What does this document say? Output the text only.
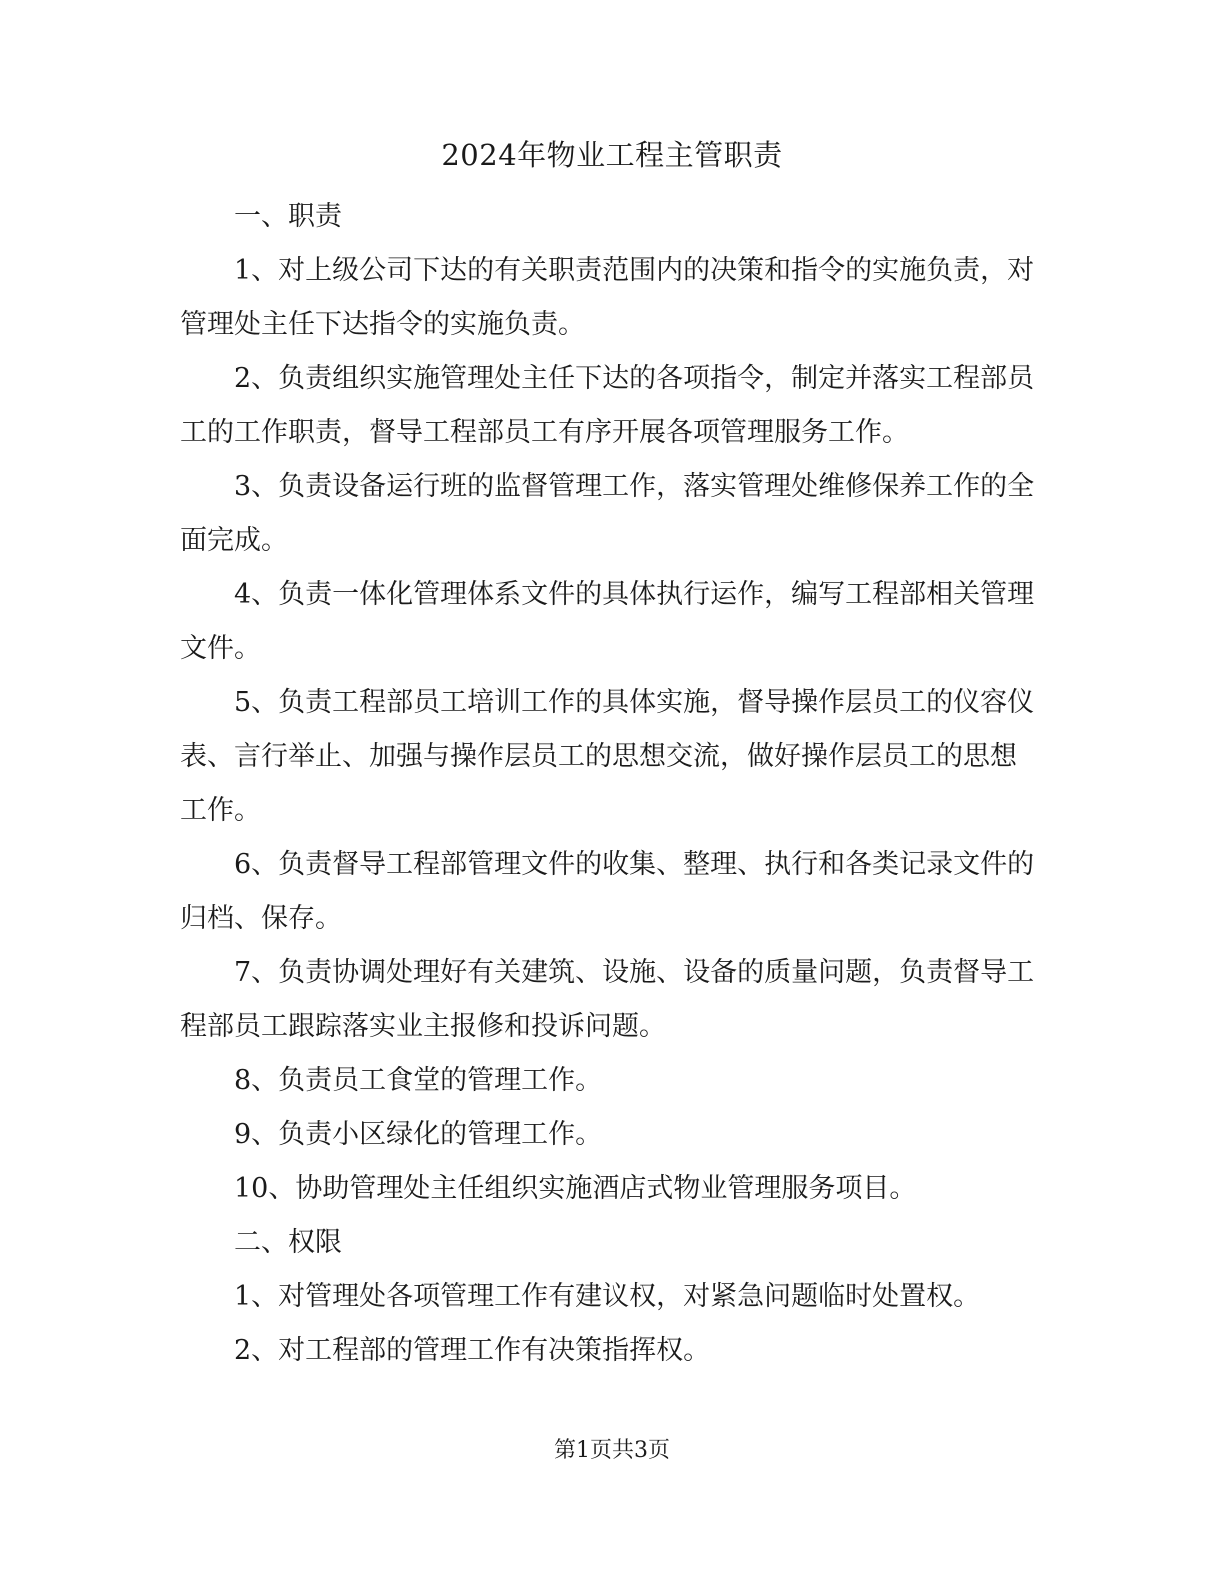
2024年物业工程主管职责

一、职责

1、对上级公司下达的有关职责范围内的决策和指令的实施负责，对管理处主任下达指令的实施负责。

2、负责组织实施管理处主任下达的各项指令，制定并落实工程部员工的工作职责，督导工程部员工有序开展各项管理服务工作。

3、负责设备运行班的监督管理工作，落实管理处维修保养工作的全面完成。

4、负责一体化管理体系文件的具体执行运作，编写工程部相关管理文件。

5、负责工程部员工培训工作的具体实施，督导操作层员工的仪容仪表、言行举止、加强与操作层员工的思想交流，做好操作层员工的思想工作。

6、负责督导工程部管理文件的收集、整理、执行和各类记录文件的归档、保存。

7、负责协调处理好有关建筑、设施、设备的质量问题，负责督导工程部员工跟踪落实业主报修和投诉问题。

8、负责员工食堂的管理工作。

9、负责小区绿化的管理工作。

10、协助管理处主任组织实施酒店式物业管理服务项目。

二、权限

1、对管理处各项管理工作有建议权，对紧急问题临时处置权。

2、对工程部的管理工作有决策指挥权。

第1页共3页
